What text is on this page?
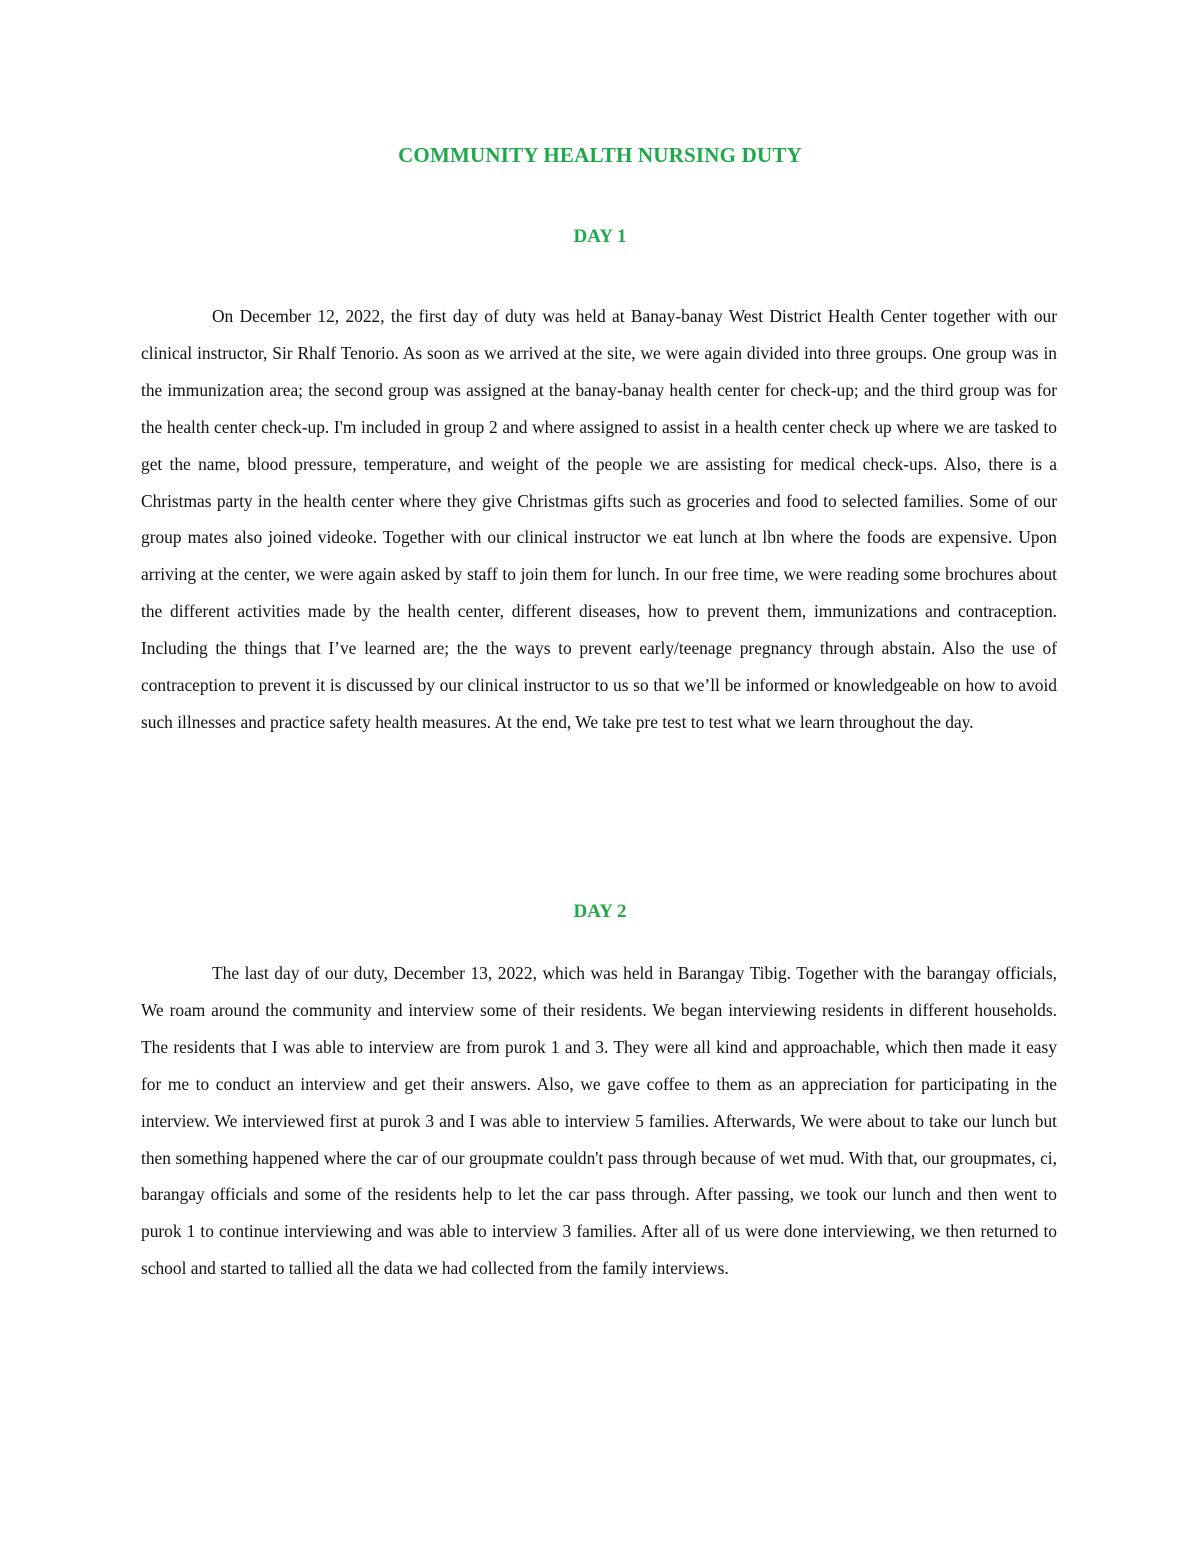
COMMUNITY HEALTH NURSING DUTY
DAY 1

On December 12, 2022, the first day of duty was held at Banay-banay West District Health Center together with our clinical instructor, Sir Rhalf Tenorio. As soon as we arrived at the site, we were again divided into three groups. One group was in the immunization area; the second group was assigned at the banay-banay health center for check-up; and the third group was for the health center check-up. I'm included in group 2 and where assigned to assist in a health center check up where we are tasked to get the name, blood pressure, temperature, and weight of the people we are assisting for medical check-ups. Also, there is a Christmas party in the health center where they give Christmas gifts such as groceries and food to selected families. Some of our group mates also joined videoke. Together with our clinical instructor we eat lunch at lbn where the foods are expensive. Upon arriving at the center, we were again asked by staff to join them for lunch. In our free time, we were reading some brochures about the different activities made by the health center, different diseases, how to prevent them, immunizations and contraception. Including the things that I’ve learned are; the the ways to prevent early/teenage pregnancy through abstain. Also the use of contraception to prevent it is discussed by our clinical instructor to us so that we’ll be informed or knowledgeable on how to avoid such illnesses and practice safety health measures. At the end, We take pre test to test what we learn throughout the day.

DAY 2

The last day of our duty, December 13, 2022, which was held in Barangay Tibig. Together with the barangay officials, We roam around the community and interview some of their residents. We began interviewing residents in different households. The residents that I was able to interview are from purok 1 and 3. They were all kind and approachable, which then made it easy for me to conduct an interview and get their answers. Also, we gave coffee to them as an appreciation for participating in the interview. We interviewed first at purok 3 and I was able to interview 5 families. Afterwards, We were about to take our lunch but then something happened where the car of our groupmate couldn't pass through because of wet mud. With that, our groupmates, ci, barangay officials and some of the residents help to let the car pass through. After passing, we took our lunch and then went to purok 1 to continue interviewing and was able to interview 3 families. After all of us were done interviewing, we then returned to school and started to tallied all the data we had collected from the family interviews.
